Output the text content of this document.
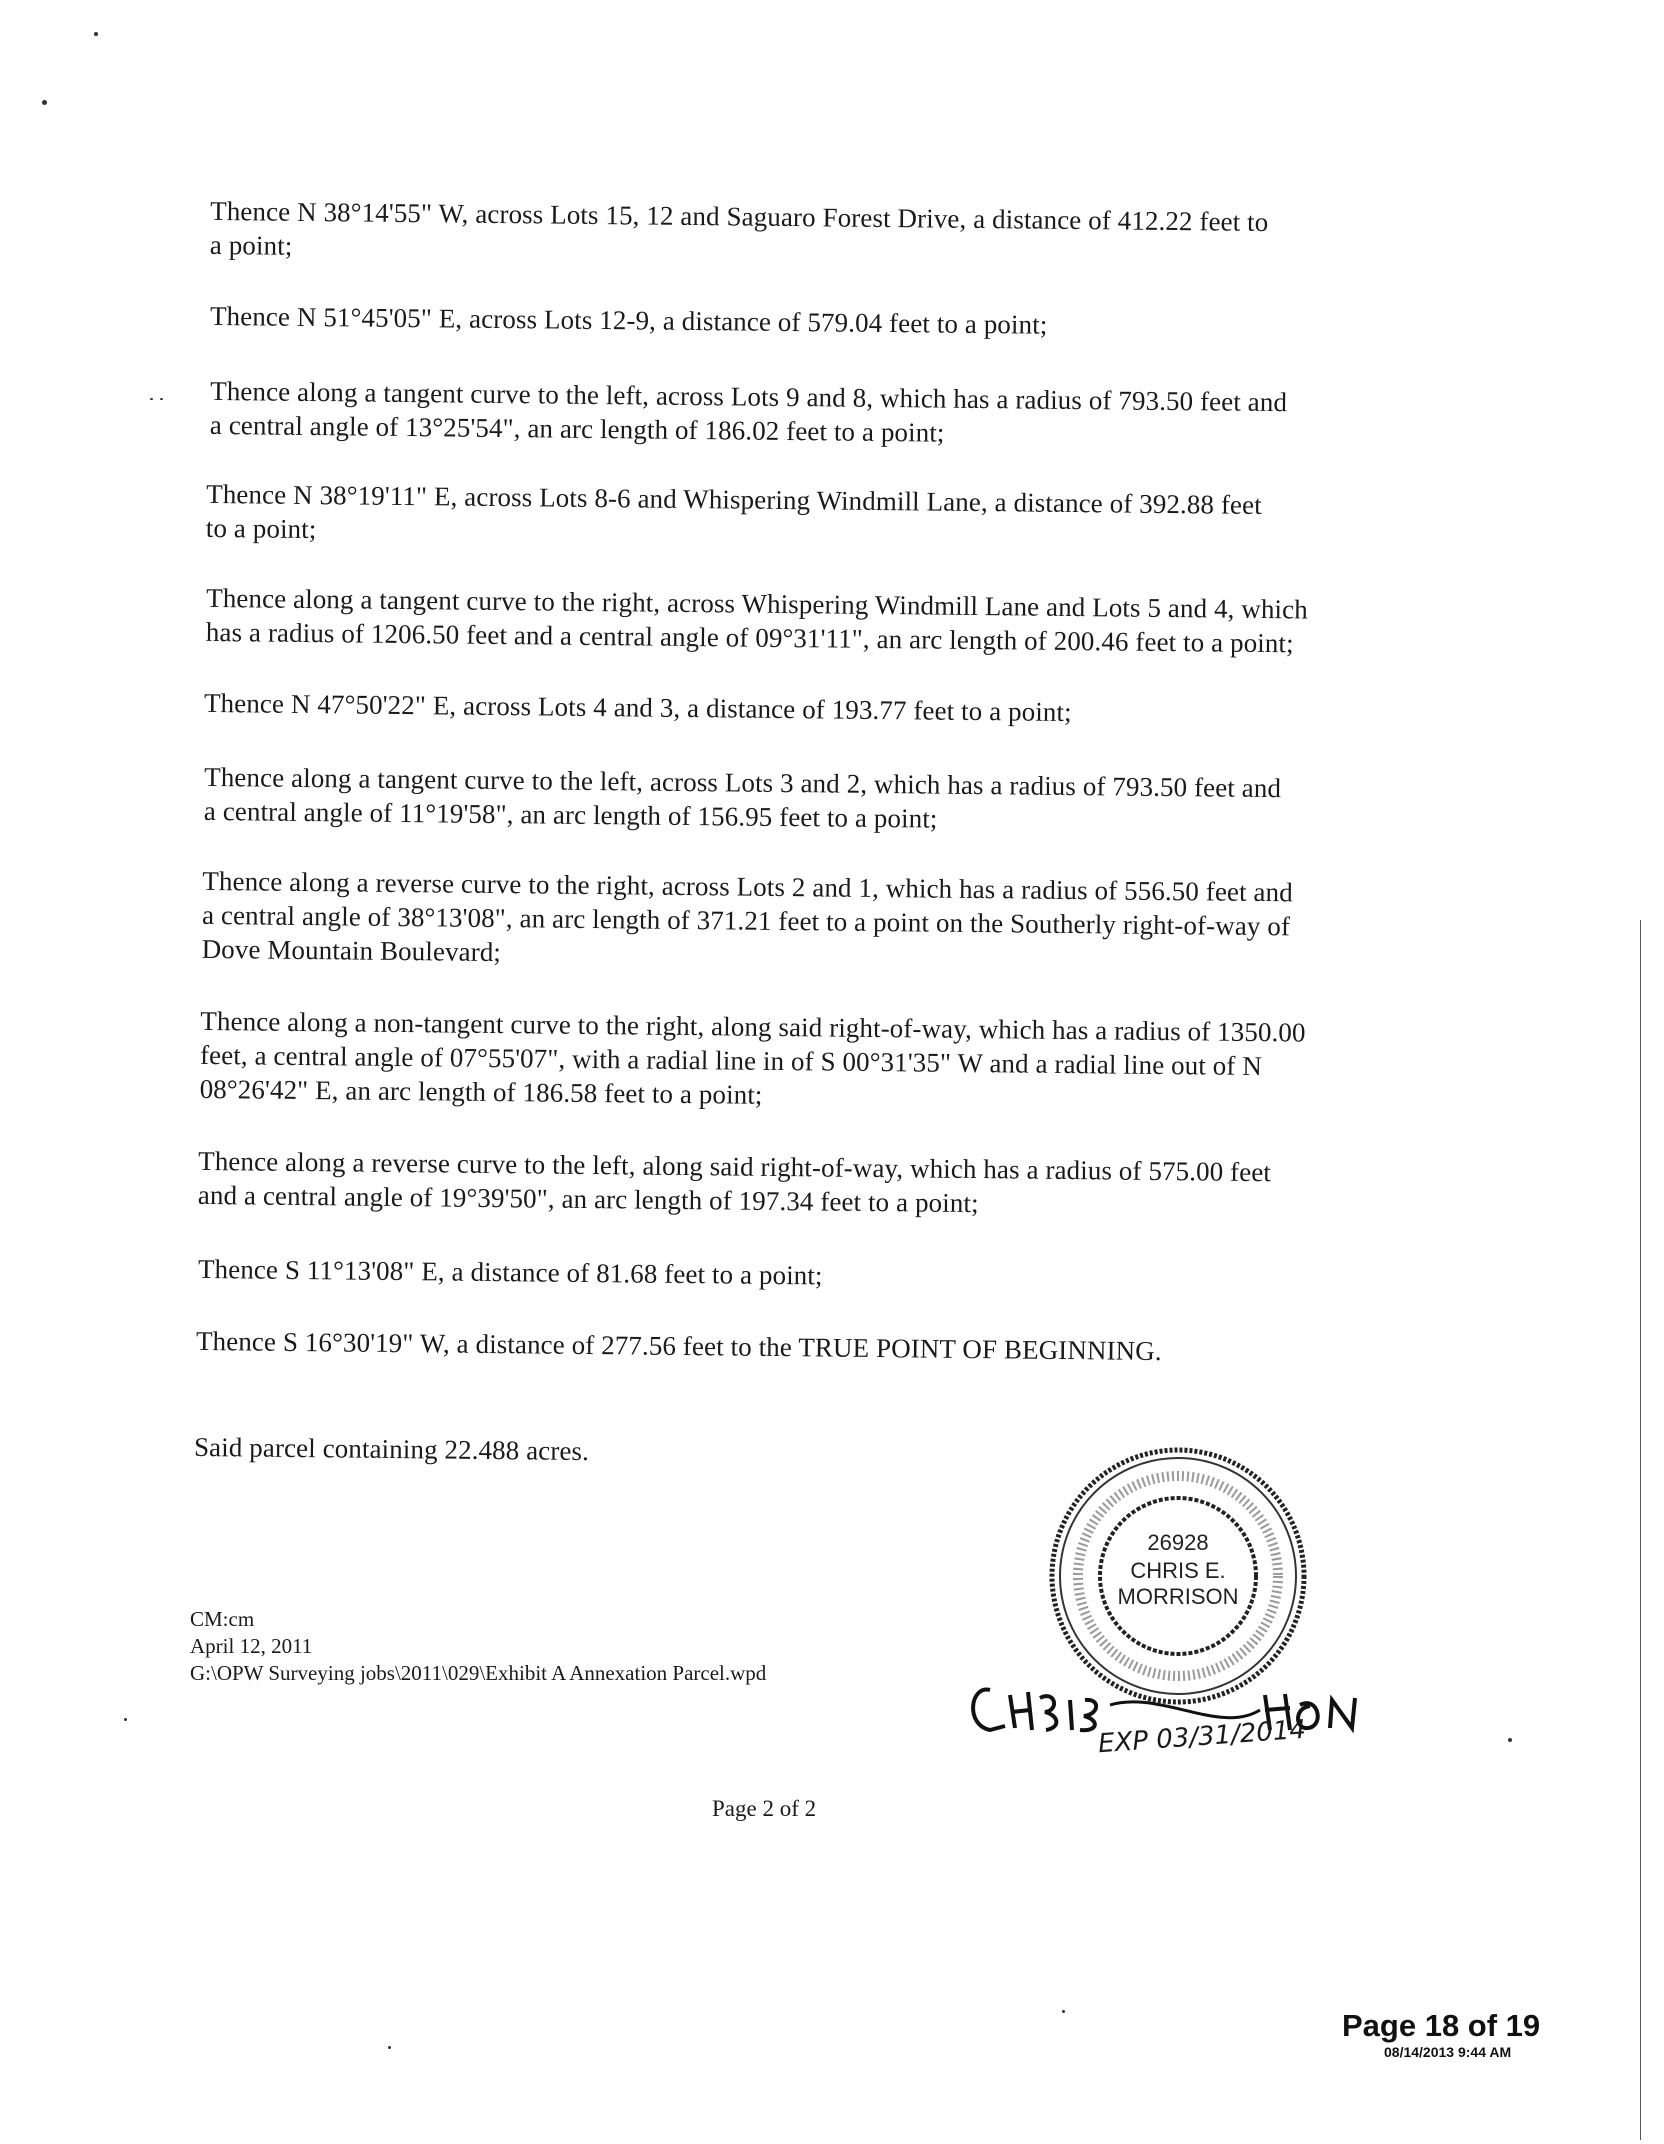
Thence N 38°14'55" W, across Lots 15, 12 and Saguaro Forest Drive, a distance of 412.22 feet to
a point;
Thence N 51°45'05" E, across Lots 12-9, a distance of 579.04 feet to a point;
Thence along a tangent curve to the left, across Lots 9 and 8, which has a radius of 793.50 feet and
a central angle of 13°25'54", an arc length of 186.02 feet to a point;
Thence N 38°19'11" E, across Lots 8-6 and Whispering Windmill Lane, a distance of 392.88 feet
to a point;
Thence along a tangent curve to the right, across Whispering Windmill Lane and Lots 5 and 4, which
has a radius of 1206.50 feet and a central angle of 09°31'11", an arc length of 200.46 feet to a point;
Thence N 47°50'22" E, across Lots 4 and 3, a distance of 193.77 feet to a point;
Thence along a tangent curve to the left, across Lots 3 and 2, which has a radius of 793.50 feet and
a central angle of 11°19'58", an arc length of 156.95 feet to a point;
Thence along a reverse curve to the right, across Lots 2 and 1, which has a radius of 556.50 feet and
a central angle of 38°13'08", an arc length of 371.21 feet to a point on the Southerly right-of-way of
Dove Mountain Boulevard;
Thence along a non-tangent curve to the right, along said right-of-way, which has a radius of 1350.00
feet, a central angle of 07°55'07", with a radial line in of S 00°31'35" W and a radial line out of N
08°26'42" E, an arc length of 186.58 feet to a point;
Thence along a reverse curve to the left, along said right-of-way, which has a radius of 575.00 feet
and a central angle of 19°39'50", an arc length of 197.34 feet to a point;
Thence S 11°13'08" E, a distance of 81.68 feet to a point;
Thence S 16°30'19" W, a distance of 277.56 feet to the TRUE POINT OF BEGINNING.
Said parcel containing 22.488 acres.
CM:cm
April 12, 2011
G:\OPW Surveying jobs\2011\029\Exhibit A Annexation Parcel.wpd
26928
CHRIS E.
MORRISON
EXP 03/31/2014
Page 2 of 2
Page 18 of 19
08/14/2013 9:44 AM
